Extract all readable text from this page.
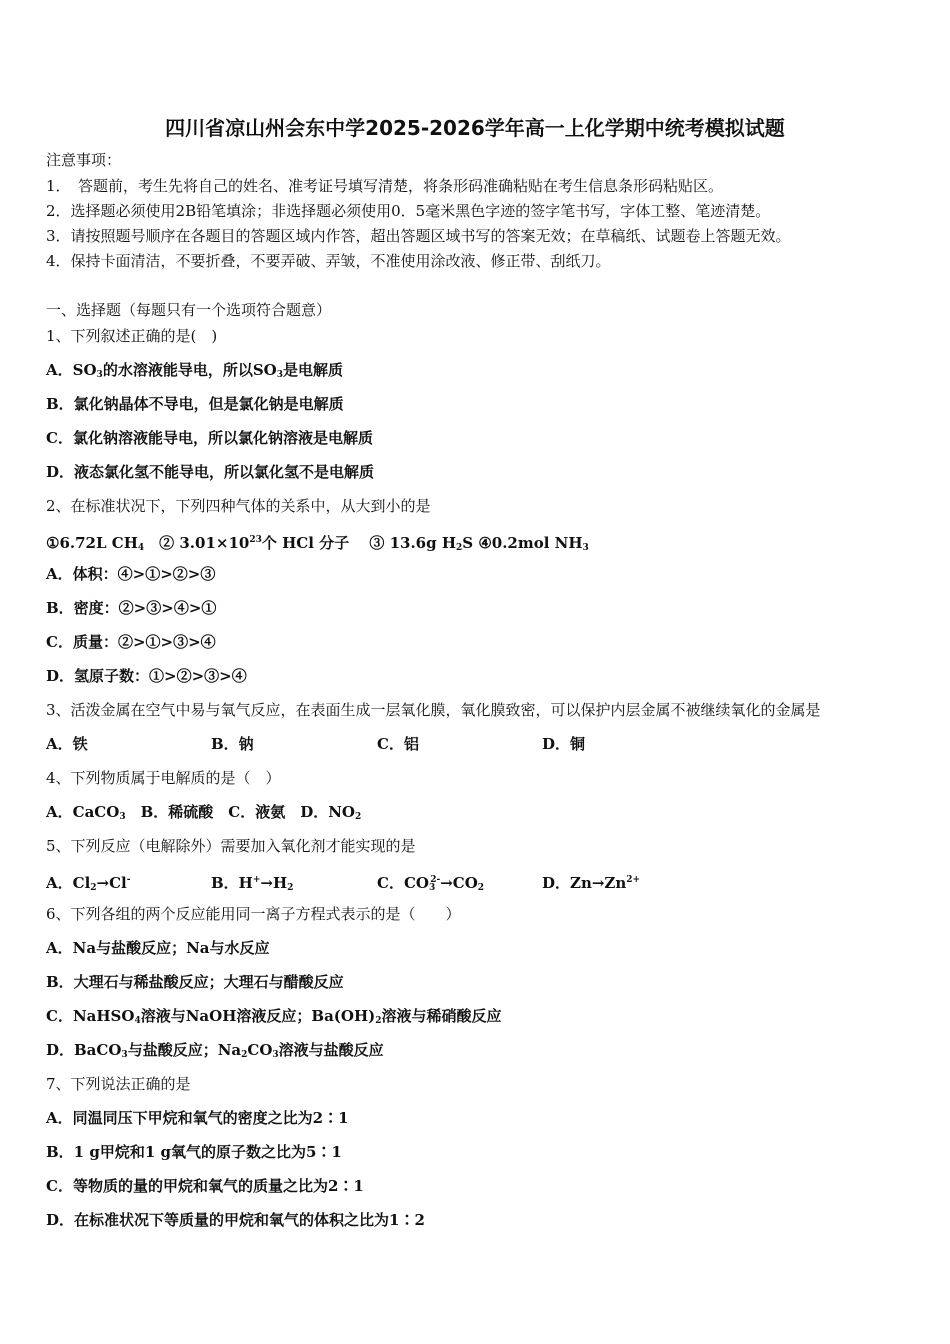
四川省凉山州会东中学2025-2026学年高一上化学期中统考模拟试题
注意事项：
1．　答题前，考生先将自己的姓名、准考证号填写清楚，将条形码准确粘贴在考生信息条形码粘贴区。
2．选择题必须使用2B铅笔填涂；非选择题必须使用0．5毫米黑色字迹的签字笔书写，字体工整、笔迹清楚。
3．请按照题号顺序在各题目的答题区域内作答，超出答题区域书写的答案无效；在草稿纸、试题卷上答题无效。
4．保持卡面清洁，不要折叠，不要弄破、弄皱，不准使用涂改液、修正带、刮纸刀。
一、选择题（每题只有一个选项符合题意）
1、下列叙述正确的是(　)
A．$SO_3$的水溶液能导电，所以$SO_3$是电解质
B．氯化钠晶体不导电，但是氯化钠是电解质
C．氯化钠溶液能导电，所以氯化钠溶液是电解质
D．液态氯化氢不能导电，所以氯化氢不是电解质
2、在标准状况下，下列四种气体的关系中，从大到小的是
①6.72L $CH_4$　② $3.01\times 10^{23}$个 HCl 分子　 ③ 13.6g $H_2S$ ④0.2mol $NH_3$
A．体积：④>①>②>③
B．密度：②>③>④>①
C．质量：②>①>③>④
D．氢原子数：①>②>③>④
3、活泼金属在空气中易与氧气反应，在表面生成一层氧化膜，氧化膜致密，可以保护内层金属不被继续氧化的金属是
A．铁	B．钠	C．铝	D．铜
4、下列物质属于电解质的是（　）
A．CaCO$_3$　B．稀硫酸　C．液氨　D．$NO_2$
5、下列反应（电解除外）需要加入氧化剂才能实现的是
A．$Cl_2\to Cl^-$	B．$H^+\to H_2$	C．$CO_3^{2-}\to CO_2$	D．$Zn\to Zn^{2+}$
6、下列各组的两个反应能用同一离子方程式表示的是（　　）
A．Na与盐酸反应；Na与水反应
B．大理石与稀盐酸反应；大理石与醋酸反应
C．NaHSO$_4$溶液与NaOH溶液反应；$Ba(OH)_2$溶液与稀硝酸反应
D．BaCO$_3$与盐酸反应；$Na_2CO_3$溶液与盐酸反应
7、下列说法正确的是
A．同温同压下甲烷和氧气的密度之比为2∶1
B．1 g甲烷和1 g氧气的原子数之比为5∶1
C．等物质的量的甲烷和氧气的质量之比为2∶1
D．在标准状况下等质量的甲烷和氧气的体积之比为1∶2
